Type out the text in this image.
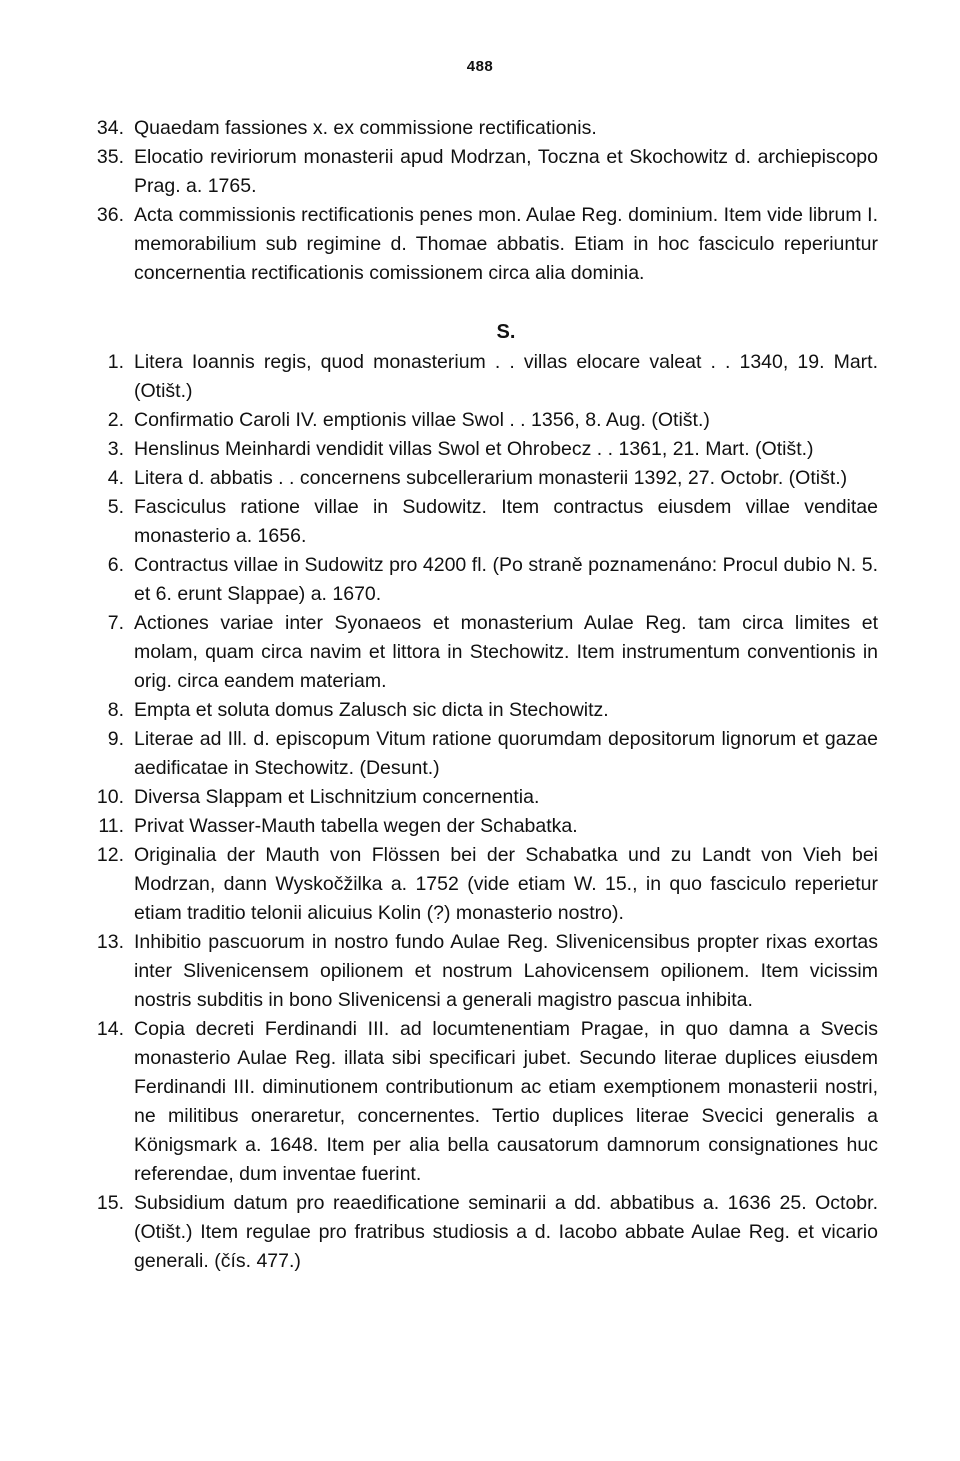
488
34. Quaedam fassiones x. ex commissione rectificationis.
35. Elocatio reviriorum monasterii apud Modrzan, Toczna et Skochowitz d. archiepiscopo Prag. a. 1765.
36. Acta commissionis rectificationis penes mon. Aulae Reg. dominium. Item vide librum I. memorabilium sub regimine d. Thomae abbatis. Etiam in hoc fasciculo reperiuntur concernentia rectificationis comissionem circa alia dominia.
S.
1. Litera Ioannis regis, quod monasterium . . villas elocare valeat . . 1340, 19. Mart. (Otišt.)
2. Confirmatio Caroli IV. emptionis villae Swol . . 1356, 8. Aug. (Otišt.)
3. Henslinus Meinhardi vendidit villas Swol et Ohrobecz . . 1361, 21. Mart. (Otišt.)
4. Litera d. abbatis . . concernens subcellerarium monasterii 1392, 27. Octobr. (Otišt.)
5. Fasciculus ratione villae in Sudowitz. Item contractus eiusdem villae venditae monasterio a. 1656.
6. Contractus villae in Sudowitz pro 4200 fl. (Po straně poznamenáno: Procul dubio N. 5. et 6. erunt Slappae) a. 1670.
7. Actiones variae inter Syonaeos et monasterium Aulae Reg. tam circa limites et molam, quam circa navim et littora in Stechowitz. Item instrumentum conventionis in orig. circa eandem materiam.
8. Empta et soluta domus Zalusch sic dicta in Stechowitz.
9. Literae ad Ill. d. episcopum Vitum ratione quorumdam depositorum lignorum et gazae aedificatae in Stechowitz. (Desunt.)
10. Diversa Slappam et Lischnitzium concernentia.
11. Privat Wasser-Mauth tabella wegen der Schabatka.
12. Originalia der Mauth von Flössen bei der Schabatka und zu Landt von Vieh bei Modrzan, dann Wyskočžilka a. 1752 (vide etiam W. 15., in quo fasciculo reperietur etiam traditio telonii alicuius Kolin (?) monasterio nostro).
13. Inhibitio pascuorum in nostro fundo Aulae Reg. Slivenicensibus propter rixas exortas inter Slivenicensem opilionem et nostrum Lahovicensem opilionem. Item vicissim nostris subditis in bono Slivenicensi a generali magistro pascua inhibita.
14. Copia decreti Ferdinandi III. ad locumtenentiam Pragae, in quo damna a Svecis monasterio Aulae Reg. illata sibi specificari jubet. Secundo literae duplices eiusdem Ferdinandi III. diminutionem contributionum ac etiam exemptionem monasterii nostri, ne militibus oneraretur, concernentes. Tertio duplices literae Svecici generalis a Königsmark a. 1648. Item per alia bella causatorum damnorum consignationes huc referendae, dum inventae fuerint.
15. Subsidium datum pro reaedificatione seminarii a dd. abbatibus a. 1636 25. Octobr. (Otišt.) Item regulae pro fratribus studiosis a d. Iacobo abbate Aulae Reg. et vicario generali. (čís. 477.)
